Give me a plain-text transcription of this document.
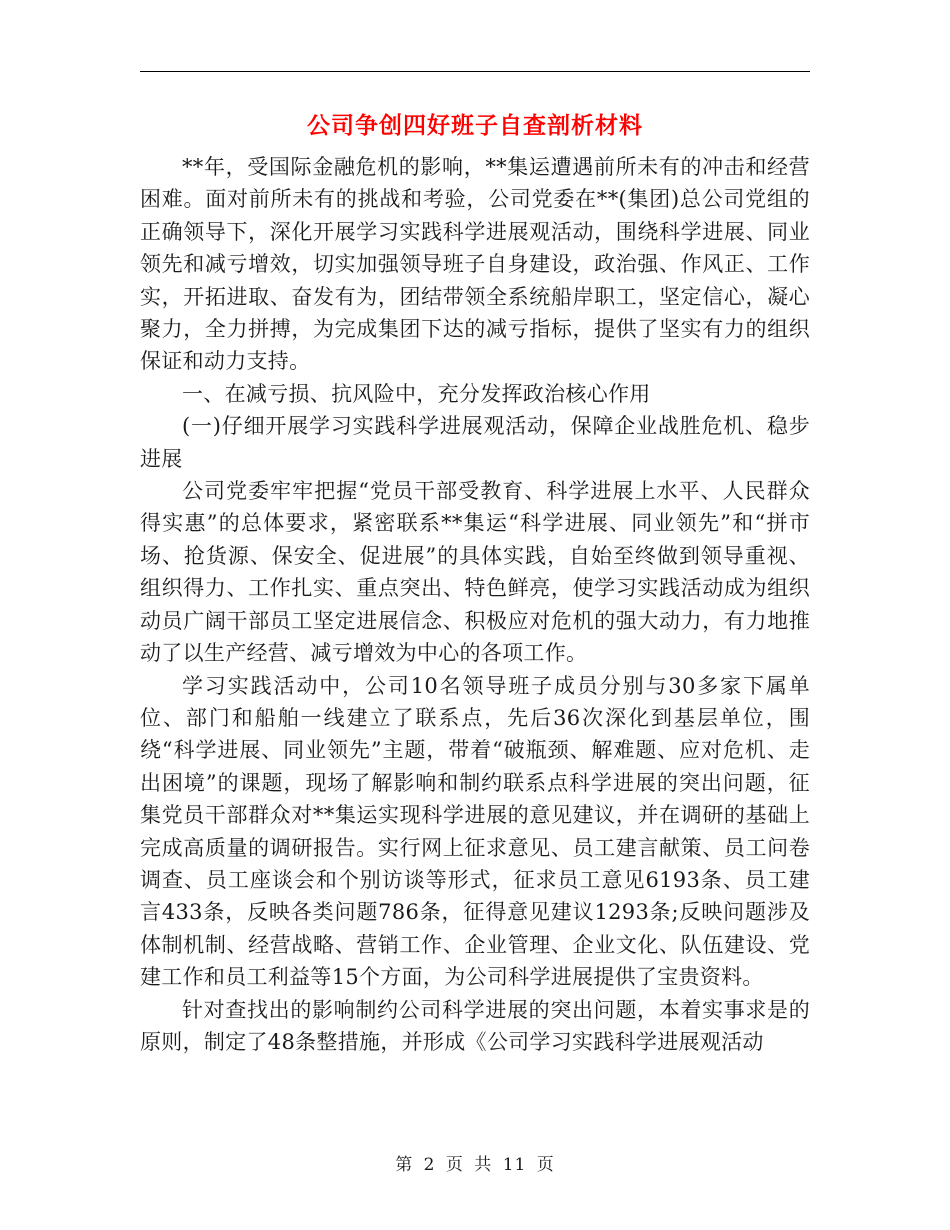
公司争创四好班子自查剖析材料

**年，受国际金融危机的影响，**集运遭遇前所未有的冲击和经营困难。面对前所未有的挑战和考验，公司党委在**(集团)总公司党组的正确领导下，深化开展学习实践科学进展观活动，围绕科学进展、同业领先和减亏增效，切实加强领导班子自身建设，政治强、作风正、工作实，开拓进取、奋发有为，团结带领全系统船岸职工，坚定信心，凝心聚力，全力拼搏，为完成集团下达的减亏指标，提供了坚实有力的组织保证和动力支持。

一、在减亏损、抗风险中，充分发挥政治核心作用

(一)仔细开展学习实践科学进展观活动，保障企业战胜危机、稳步进展

公司党委牢牢把握“党员干部受教育、科学进展上水平、人民群众得实惠”的总体要求，紧密联系**集运“科学进展、同业领先”和“拼市场、抢货源、保安全、促进展”的具体实践，自始至终做到领导重视、组织得力、工作扎实、重点突出、特色鲜亮，使学习实践活动成为组织动员广阔干部员工坚定进展信念、积极应对危机的强大动力，有力地推动了以生产经营、减亏增效为中心的各项工作。

学习实践活动中，公司10名领导班子成员分别与30多家下属单位、部门和船舶一线建立了联系点，先后36次深化到基层单位，围绕“科学进展、同业领先”主题，带着“破瓶颈、解难题、应对危机、走出困境”的课题，现场了解影响和制约联系点科学进展的突出问题，征集党员干部群众对**集运实现科学进展的意见建议，并在调研的基础上完成高质量的调研报告。实行网上征求意见、员工建言献策、员工问卷调查、员工座谈会和个别访谈等形式，征求员工意见6193条、员工建言433条，反映各类问题786条，征得意见建议1293条;反映问题涉及体制机制、经营战略、营销工作、企业管理、企业文化、队伍建设、党建工作和员工利益等15个方面，为公司科学进展提供了宝贵资料。

针对查找出的影响制约公司科学进展的突出问题，本着实事求是的原则，制定了48条整措施，并形成《公司学习实践科学进展观活动

第 2 页 共 11 页
